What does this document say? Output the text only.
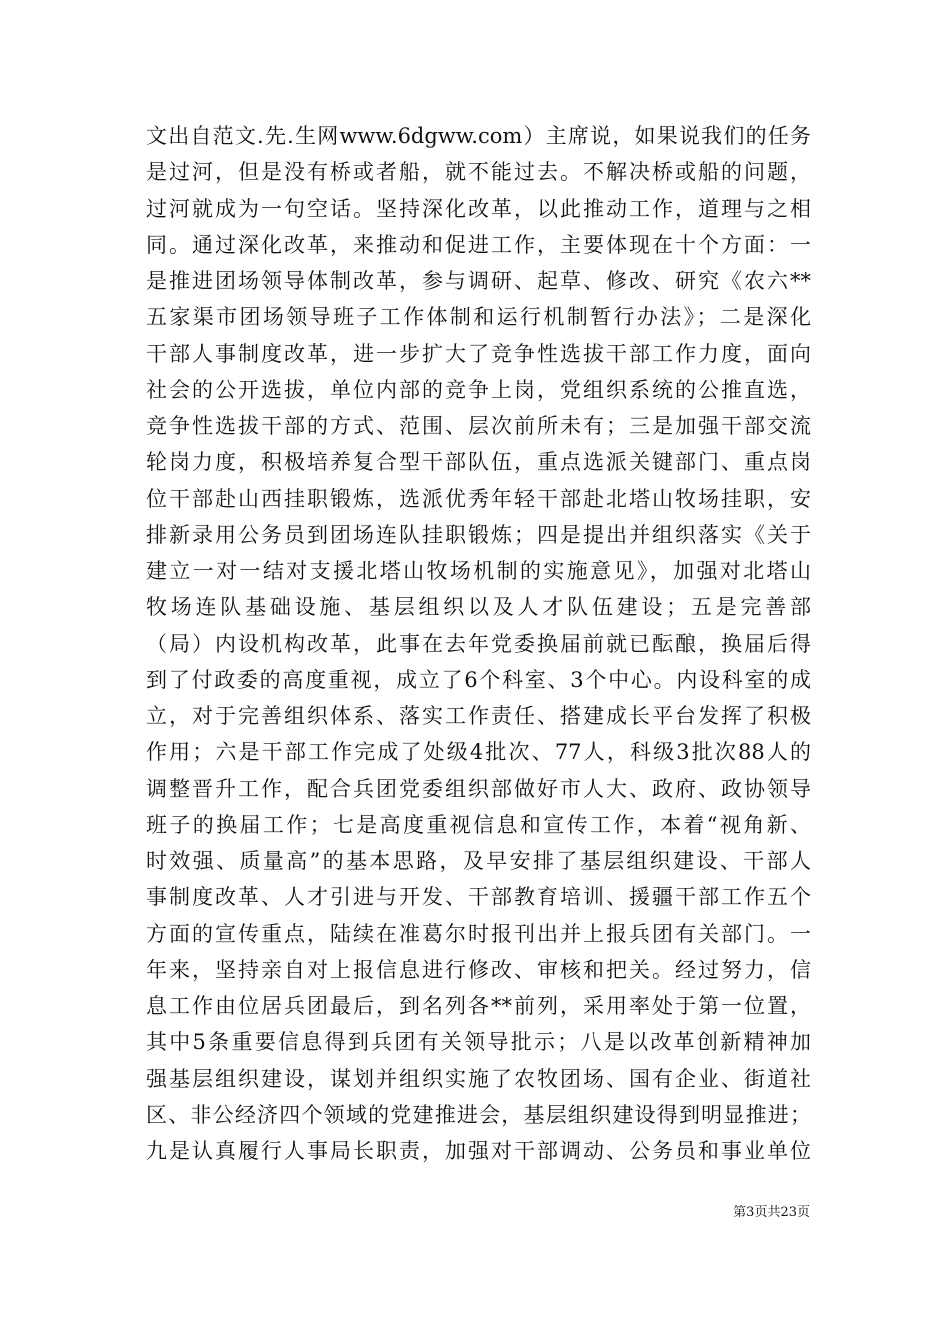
文出自范文.先.生网www.6dgww.com）主席说，如果说我们的任务
是过河，但是没有桥或者船，就不能过去。不解决桥或船的问题，
过河就成为一句空话。坚持深化改革，以此推动工作，道理与之相
同。通过深化改革，来推动和促进工作，主要体现在十个方面：一
是推进团场领导体制改革，参与调研、起草、修改、研究《农六**
五家渠市团场领导班子工作体制和运行机制暂行办法》；二是深化
干部人事制度改革，进一步扩大了竞争性选拔干部工作力度，面向
社会的公开选拔，单位内部的竞争上岗，党组织系统的公推直选，
竞争性选拔干部的方式、范围、层次前所未有；三是加强干部交流
轮岗力度，积极培养复合型干部队伍，重点选派关键部门、重点岗
位干部赴山西挂职锻炼，选派优秀年轻干部赴北塔山牧场挂职，安
排新录用公务员到团场连队挂职锻炼；四是提出并组织落实《关于
建立一对一结对支援北塔山牧场机制的实施意见》，加强对北塔山
牧场连队基础设施、基层组织以及人才队伍建设；五是完善部
（局）内设机构改革，此事在去年党委换届前就已酝酿，换届后得
到了付政委的高度重视，成立了6个科室、3个中心。内设科室的成
立，对于完善组织体系、落实工作责任、搭建成长平台发挥了积极
作用；六是干部工作完成了处级4批次、77人，科级3批次88人的
调整晋升工作，配合兵团党委组织部做好市人大、政府、政协领导
班子的换届工作；七是高度重视信息和宣传工作，本着“视角新、
时效强、质量高”的基本思路，及早安排了基层组织建设、干部人
事制度改革、人才引进与开发、干部教育培训、援疆干部工作五个
方面的宣传重点，陆续在准葛尔时报刊出并上报兵团有关部门。一
年来，坚持亲自对上报信息进行修改、审核和把关。经过努力，信
息工作由位居兵团最后，到名列各**前列，采用率处于第一位置，
其中5条重要信息得到兵团有关领导批示；八是以改革创新精神加
强基层组织建设，谋划并组织实施了农牧团场、国有企业、街道社
区、非公经济四个领域的党建推进会，基层组织建设得到明显推进；
九是认真履行人事局长职责，加强对干部调动、公务员和事业单位
第3页共23页
